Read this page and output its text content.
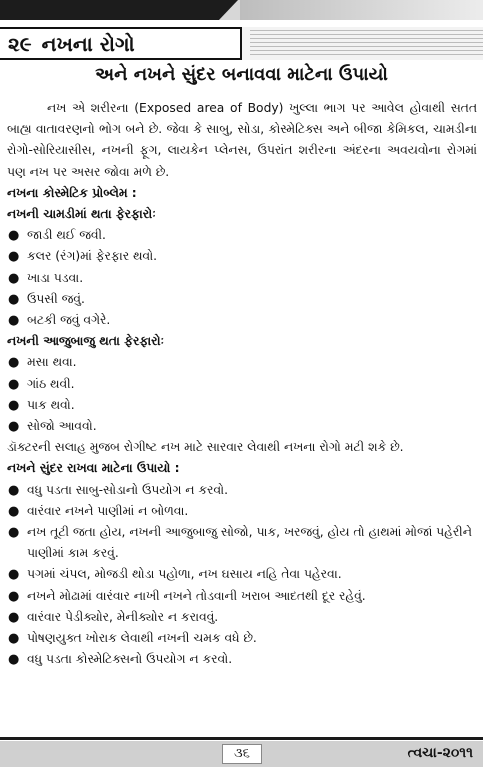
૨૯ નખના રોગો
અને નખને સુંદર બનાવવા માટેના ઉપાયો

નખ એ શરીરના (Exposed area of Body) ખુલ્લા ભાગ પર આવેલ હોવાથી સતત બાહ્ય વાતાવરણનો ભોગ બને છે. જેવા કે સાબુ, સોડા, કોસ્મેટિક્સ અને બીજા કેમિકલ, ચામડીના રોગો-સોરિયાસીસ, નખની ફૂગ, લાયકેન પ્લેનસ, ઉપરાંત શરીરના અંદરના અવયવોના રોગમાં પણ નખ પર અસર જોવા મળે છે.

નખના કોસ્મેટિક પ્રોબ્લેમ :

નખની ચામડીમાં થતા ફેરફારોઃ

● જાડી થઈ જવી.
● કલર (રંગ)માં ફેરફાર થવો.
● ખાડા પડવા.
● ઉપસી જવું.
● બટકી જવું વગેરે.

નખની આજુબાજુ થતા ફેરફારોઃ

● મસા થવા.
● ગાંઠ થવી.
● પાક થવો.
● સોજો આવવો.

ડૉક્ટરની સલાહ મુજબ રોગીષ્ટ નખ માટે સારવાર લેવાથી નખના રોગો મટી શકે છે.

નખને સુંદર રાખવા માટેના ઉપાયો :

● વધુ પડતા સાબુ-સોડાનો ઉપયોગ ન કરવો.
● વારંવાર નખને પાણીમાં ન બોળવા.
● નખ તૂટી જતા હોય, નખની આજુબાજુ સોજો, પાક, ખરજવું, હોય તો હાથમાં મોજાં પહેરીને પાણીમાં કામ કરવું.
● પગમાં ચંપલ, મોજડી થોડા પહોળા, નખ ઘસાય નહિ તેવા પહેરવા.
● નખને મોઢામાં વારંવાર નાખી નખને તોડવાની ખરાબ આદતથી દૂર રહેવું.
● વારંવાર પેડીક્યોર, મેનીક્યોર ન કરાવવું.
● પોષણયુક્ત ખોરાક લેવાથી નખની ચમક વધે છે.
● વધુ પડતા કોસ્મેટિક્સનો ઉપયોગ ન કરવો.
૩૬	ત્વચા-૨૦૧૧
